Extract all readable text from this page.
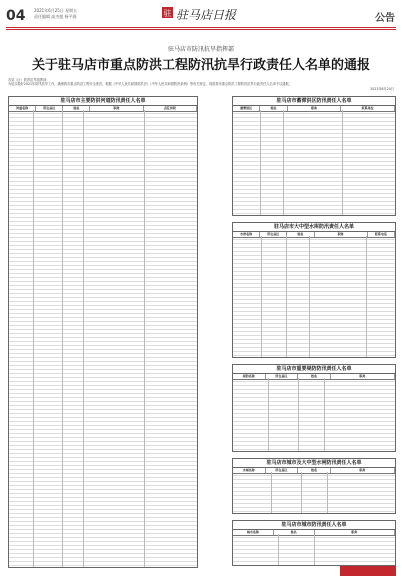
04 2021年6月25日 星期五
责任编辑 高杰超 杨平阁	驻 驻马店日报	公告
驻马店市防汛抗旱指挥部
关于驻马店市重点防洪工程防汛抗旱行政责任人名单的通报

各县（区）防汛抗旱指挥部：

为切实做好2021年防汛抗旱工作，确保我市重点防洪工程安全度汛，根据《中华人民共和国防洪法》《中华人民共和国防汛条例》等有关规定，现将我市重点防洪工程防汛抗旱行政责任人名单予以通报。

2021年6月24日

驻马店市主要防洪河道防汛责任人名单
河道名称	所在县区	姓名	职务	责任河段
驻马店市蓄滞洪区防汛责任人名单
蓄滞洪区	姓名	职务	联系单位
驻马店市大中型水库防汛责任人名单
水库名称	所在县区	姓名	职务	联系电话
驻马店市重要堤防防汛责任人名单
堤防名称	所在县区	姓名	职务
驻马店市城市及大中型水闸防汛责任人名单
水闸名称	所在县区	姓名	职务
驻马店市城市防汛责任人名单
城市名称	姓名	职务
